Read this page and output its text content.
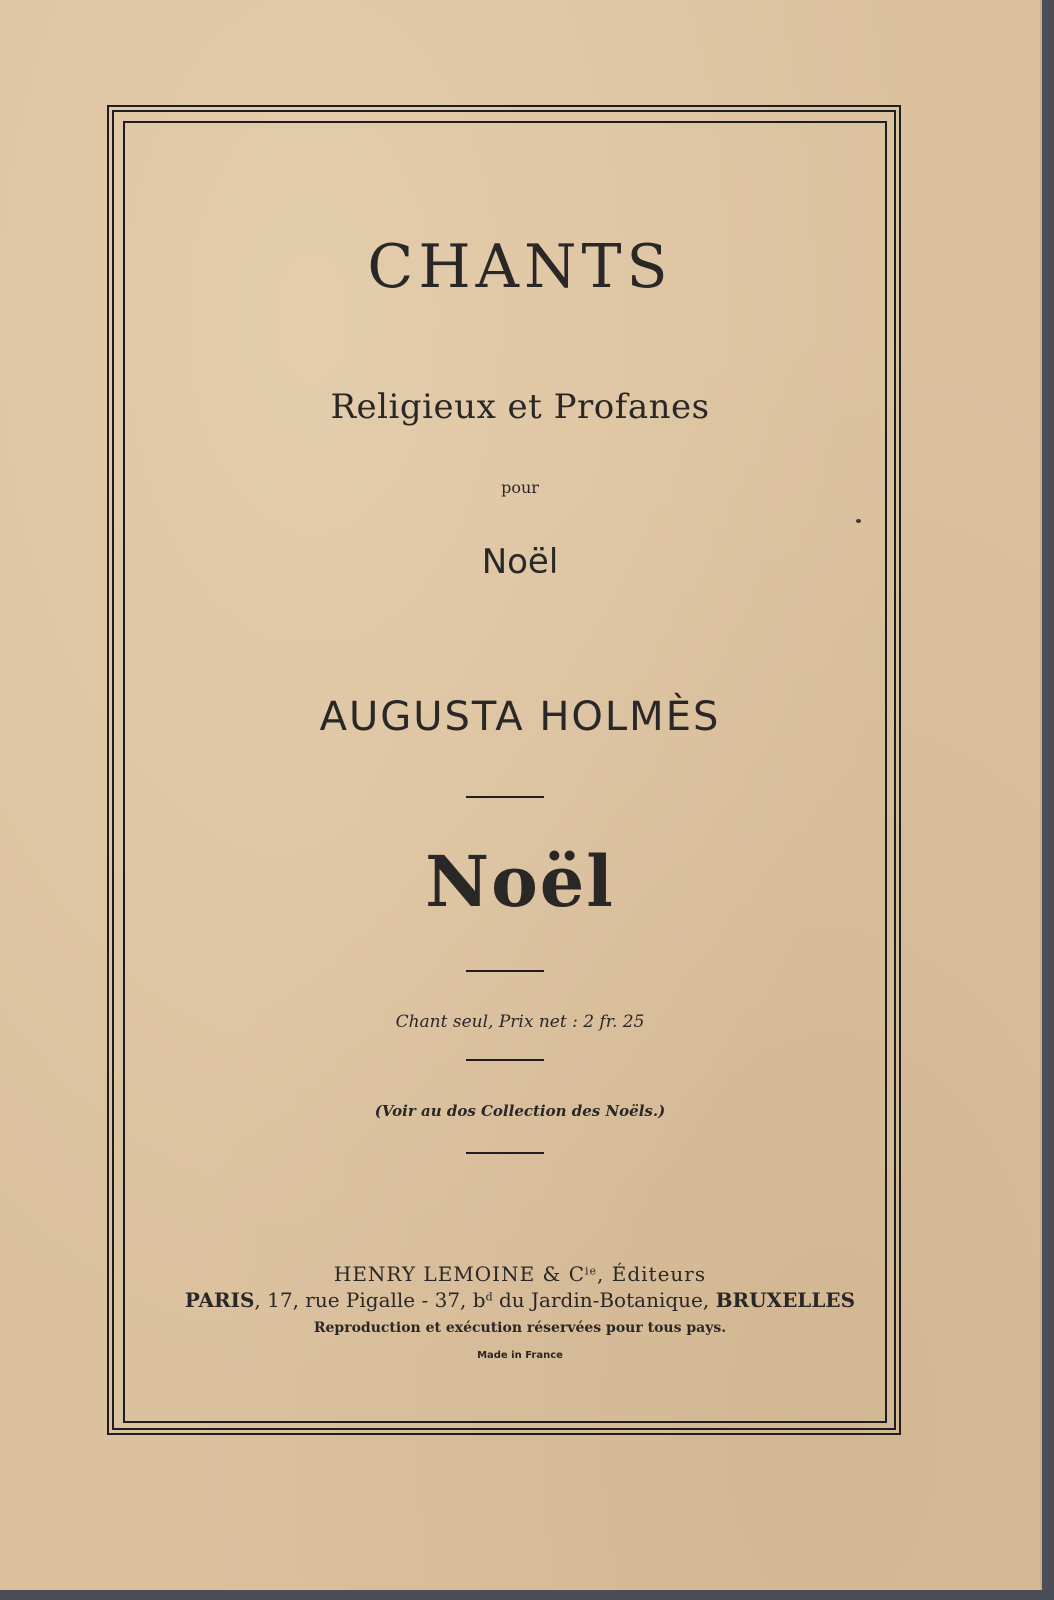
CHANTS
Religieux et Profanes
pour
Noël
AUGUSTA HOLMÈS
Noël
Chant seul, Prix net : 2 fr. 25
(Voir au dos Collection des Noëls.)
HENRY LEMOINE & $C^{ie}$, Éditeurs
PARIS, 17, rue Pigalle - 37, $b^d$ du Jardin-Botanique, BRUXELLES
Reproduction et exécution réservées pour tous pays.
Made in France
